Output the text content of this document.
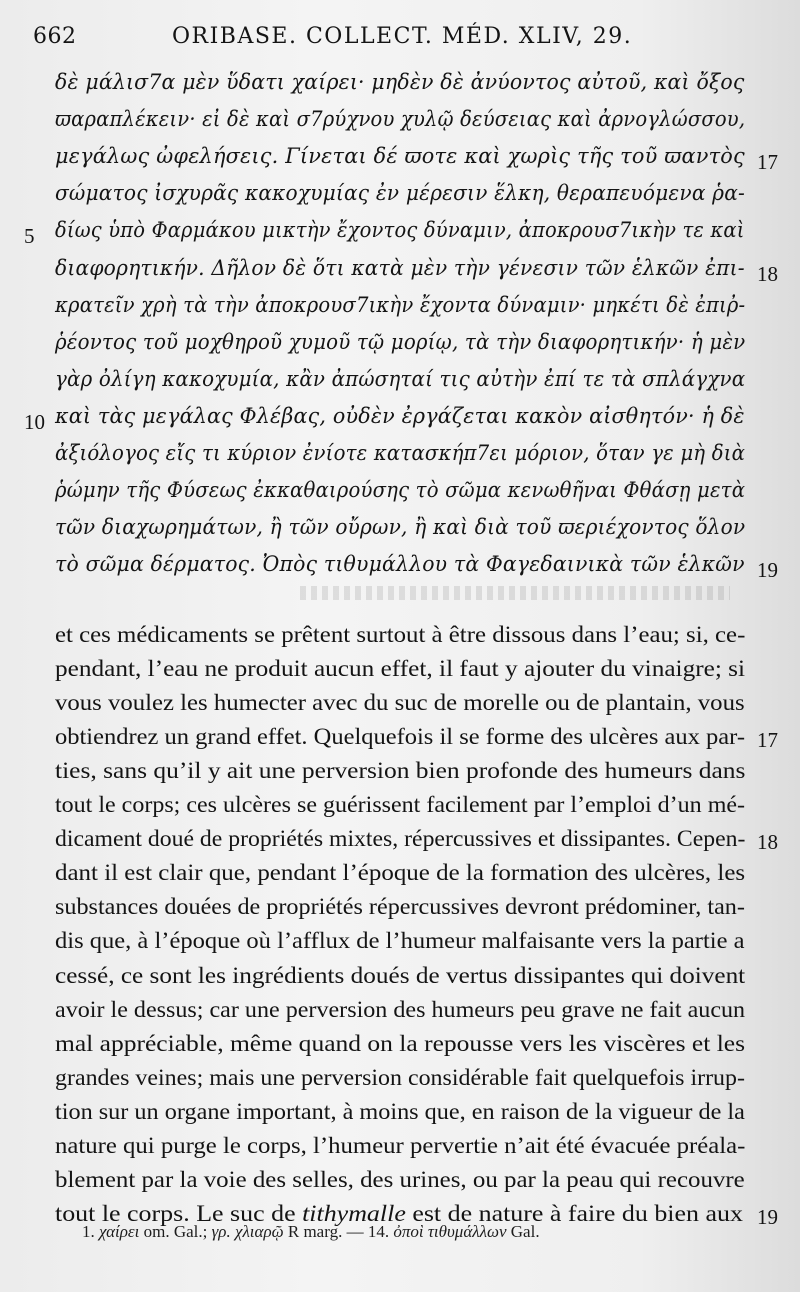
662	ORIBASE. COLLECT. MÉD. XLIV, 29.
δὲ μάλισ7α μὲν ὕδατι χαίρει· μηδὲν δὲ ἀνύοντος αὐτοῦ, καὶ ὄξος
ϖαραπλέκειν· εἰ δὲ καὶ σ7ρύχνου χυλῷ δεύσειας καὶ ἀρνογλώσσου,
μεγάλως ὠφελήσεις. Γίνεται δέ ϖοτε καὶ χωρὶς τῆς τοῦ ϖαντὸς
σώματος ἰσχυρᾶς κακοχυμίας ἐν μέρεσιν ἕλκη, θεραπευόμενα ῥα-
δίως ὑπὸ Φαρμάκου μικτὴν ἔχοντος δύναμιν, ἀποκρουσ7ικὴν τε καὶ
διαφορητικήν. Δῆλον δὲ ὅτι κατὰ μὲν τὴν γένεσιν τῶν ἑλκῶν ἐπι-
κρατεῖν χρὴ τὰ τὴν ἀποκρουσ7ικὴν ἔχοντα δύναμιν· μηκέτι δὲ ἐπιῤ-
ῥέοντος τοῦ μοχθηροῦ χυμοῦ τῷ μορίῳ, τὰ τὴν διαφορητικήν· ἡ μὲν
γὰρ ὀλίγη κακοχυμία, κἂν ἀπώσηταί τις αὐτὴν ἐπί τε τὰ σπλάγχνα
καὶ τὰς μεγάλας Φλέβας, οὐδὲν ἐργάζεται κακὸν αἰσθητόν· ἡ δὲ
ἀξιόλογος εἴς τι κύριον ἐνίοτε κατασκήπ7ει μόριον, ὅταν γε μὴ διὰ
ῥώμην τῆς Φύσεως ἐκκαθαιρούσης τὸ σῶμα κενωθῆναι Φθάσῃ μετὰ
τῶν διαχωρημάτων, ἢ τῶν οὔρων, ἢ καὶ διὰ τοῦ ϖεριέχοντος ὅλον
τὸ σῶμα δέρματος. Ὀπὸς τιθυμάλλου τὰ Φαγεδαινικὰ τῶν ἑλκῶν
17
5
18
10
19
et ces médicaments se prêtent surtout à être dissous dans l’eau; si, ce-
pendant, l’eau ne produit aucun effet, il faut y ajouter du vinaigre; si
vous voulez les humecter avec du suc de morelle ou de plantain, vous
obtiendrez un grand effet. Quelquefois il se forme des ulcères aux par-
ties, sans qu’il y ait une perversion bien profonde des humeurs dans
tout le corps; ces ulcères se guérissent facilement par l’emploi d’un mé-
dicament doué de propriétés mixtes, répercussives et dissipantes. Cepen-
dant il est clair que, pendant l’époque de la formation des ulcères, les
substances douées de propriétés répercussives devront prédominer, tan-
dis que, à l’époque où l’afflux de l’humeur malfaisante vers la partie a
cessé, ce sont les ingrédients doués de vertus dissipantes qui doivent
avoir le dessus; car une perversion des humeurs peu grave ne fait aucun
mal appréciable, même quand on la repousse vers les viscères et les
grandes veines; mais une perversion considérable fait quelquefois irrup-
tion sur un organe important, à moins que, en raison de la vigueur de la
nature qui purge le corps, l’humeur pervertie n’ait été évacuée préala-
blement par la voie des selles, des urines, ou par la peau qui recouvre
tout le corps. Le suc de tithymalle est de nature à faire du bien aux
17
18
19
1. χαίρει om. Gal.; γρ. χλιαρῷ R marg. — 14. ὀποὶ τιθυμάλλων Gal.
